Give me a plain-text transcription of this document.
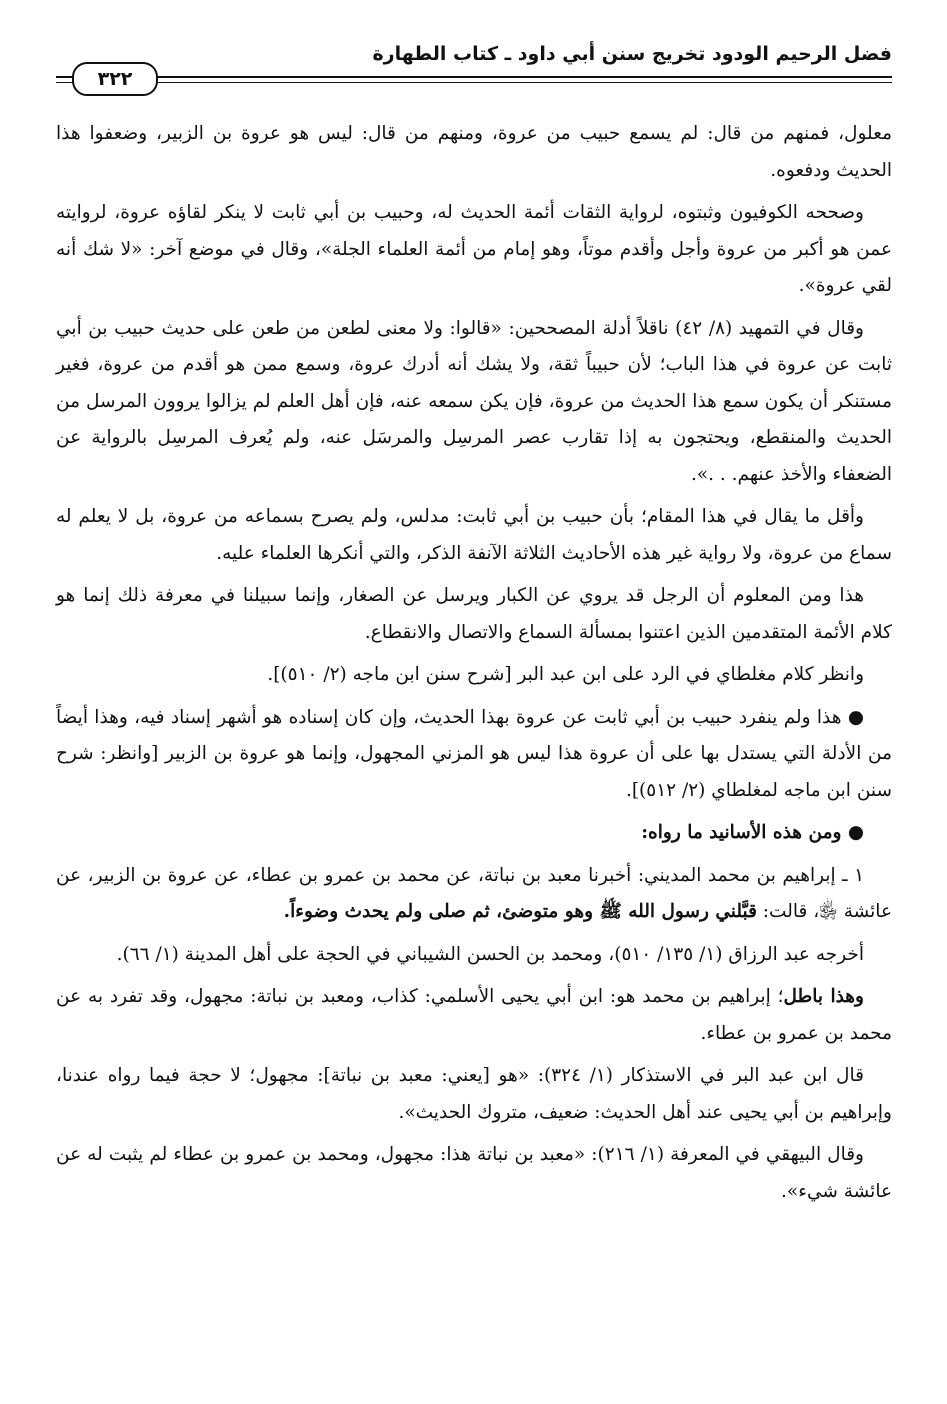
فضل الرحيم الودود تخريج سنن أبي داود ـ كتاب الطهارة
٣٢٢

معلول، فمنهم من قال: لم يسمع حبيب من عروة، ومنهم من قال: ليس هو عروة بن الزبير، وضعفوا هذا الحديث ودفعوه.

وصححه الكوفيون وثبتوه، لرواية الثقات أئمة الحديث له، وحبيب بن أبي ثابت لا ينكر لقاؤه عروة، لروايته عمن هو أكبر من عروة وأجل وأقدم موتاً، وهو إمام من أئمة العلماء الجلة»، وقال في موضع آخر: «لا شك أنه لقي عروة».

وقال في التمهيد (٨/ ٤٢) ناقلاً أدلة المصححين: «قالوا: ولا معنى لطعن من طعن على حديث حبيب بن أبي ثابت عن عروة في هذا الباب؛ لأن حبيباً ثقة، ولا يشك أنه أدرك عروة، وسمع ممن هو أقدم من عروة، فغير مستنكر أن يكون سمع هذا الحديث من عروة، فإن يكن سمعه عنه، فإن أهل العلم لم يزالوا يروون المرسل من الحديث والمنقطع، ويحتجون به إذا تقارب عصر المرسِل والمرسَل عنه، ولم يُعرف المرسِل بالرواية عن الضعفاء والأخذ عنهم. . .».

وأقل ما يقال في هذا المقام؛ بأن حبيب بن أبي ثابت: مدلس، ولم يصرح بسماعه من عروة، بل لا يعلم له سماع من عروة، ولا رواية غير هذه الأحاديث الثلاثة الآنفة الذكر، والتي أنكرها العلماء عليه.

هذا ومن المعلوم أن الرجل قد يروي عن الكبار ويرسل عن الصغار، وإنما سبيلنا في معرفة ذلك إنما هو كلام الأئمة المتقدمين الذين اعتنوا بمسألة السماع والاتصال والانقطاع.

وانظر كلام مغلطاي في الرد على ابن عبد البر [شرح سنن ابن ماجه (٢/ ٥١٠)].

● هذا ولم ينفرد حبيب بن أبي ثابت عن عروة بهذا الحديث، وإن كان إسناده هو أشهر إسناد فيه، وهذا أيضاً من الأدلة التي يستدل بها على أن عروة هذا ليس هو المزني المجهول، وإنما هو عروة بن الزبير [وانظر: شرح سنن ابن ماجه لمغلطاي (٢/ ٥١٢)].

● ومن هذه الأسانيد ما رواه:

١ ـ إبراهيم بن محمد المديني: أخبرنا معبد بن نباتة، عن محمد بن عمرو بن عطاء، عن عروة بن الزبير، عن عائشة ﵂، قالت: قبَّلني رسول الله ﷺ وهو متوضئ، ثم صلى ولم يحدث وضوءاً.

أخرجه عبد الرزاق (١/ ١٣٥/ ٥١٠)، ومحمد بن الحسن الشيباني في الحجة على أهل المدينة (١/ ٦٦).

وهذا باطل؛ إبراهيم بن محمد هو: ابن أبي يحيى الأسلمي: كذاب، ومعبد بن نباتة: مجهول، وقد تفرد به عن محمد بن عمرو بن عطاء.

قال ابن عبد البر في الاستذكار (١/ ٣٢٤): «هو [يعني: معبد بن نباتة]: مجهول؛ لا حجة فيما رواه عندنا، وإبراهيم بن أبي يحيى عند أهل الحديث: ضعيف، متروك الحديث».

وقال البيهقي في المعرفة (١/ ٢١٦): «معبد بن نباتة هذا: مجهول، ومحمد بن عمرو بن عطاء لم يثبت له عن عائشة شيء».
